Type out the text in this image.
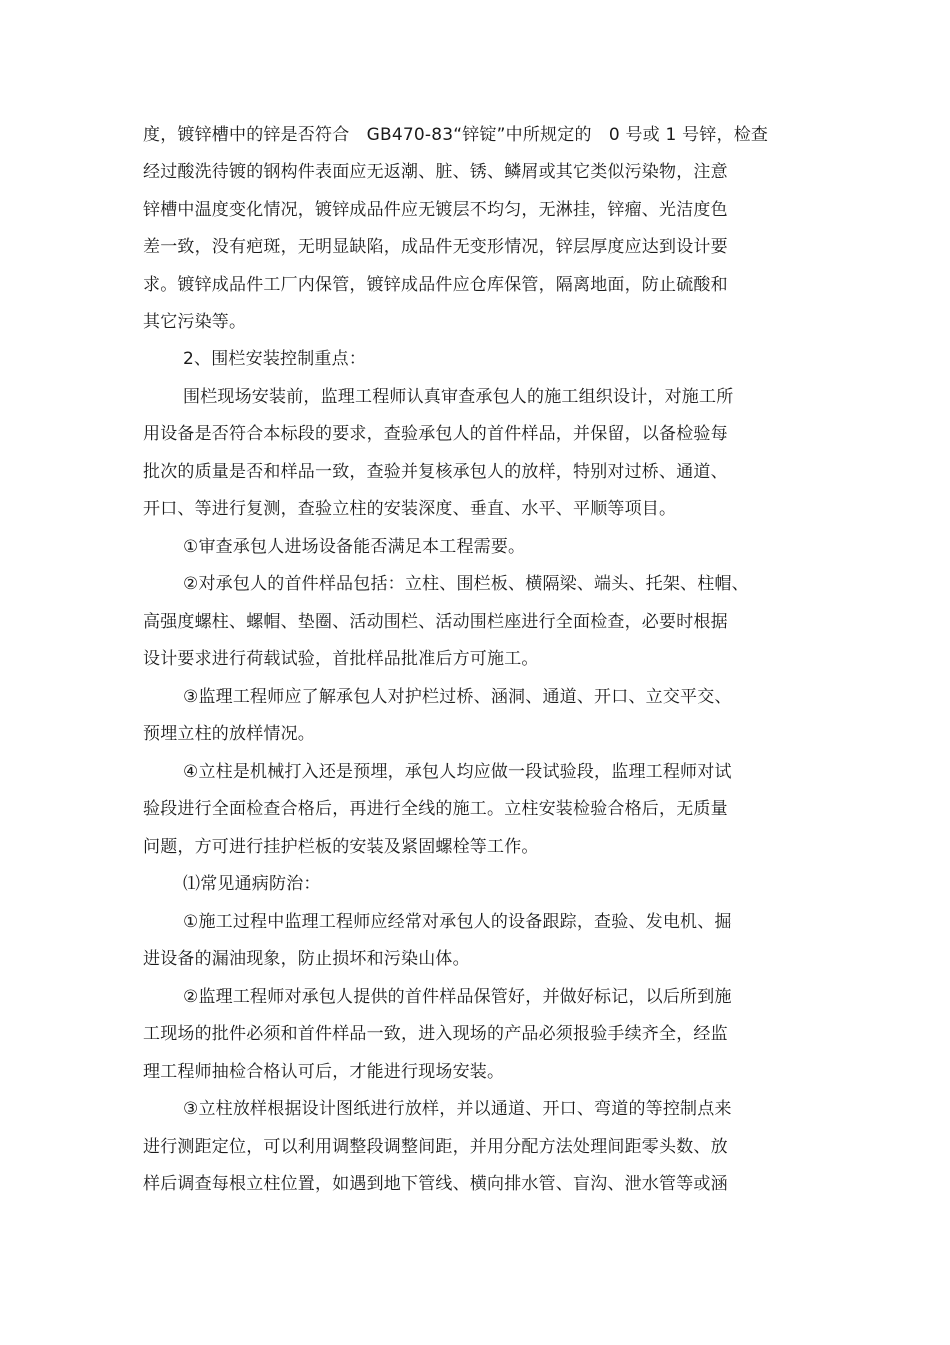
度，镀锌槽中的锌是否符合　GB470-83“锌锭”中所规定的　0 号或 1 号锌，检查
经过酸洗待镀的钢构件表面应无返潮、脏、锈、鳞屑或其它类似污染物，注意
锌槽中温度变化情况，镀锌成品件应无镀层不均匀，无淋挂，锌瘤、光洁度色
差一致，没有疤斑，无明显缺陷，成品件无变形情况，锌层厚度应达到设计要
求。镀锌成品件工厂内保管，镀锌成品件应仓库保管，隔离地面，防止硫酸和
其它污染等。
2、围栏安装控制重点：
围栏现场安装前，监理工程师认真审查承包人的施工组织设计，对施工所
用设备是否符合本标段的要求，查验承包人的首件样品，并保留，以备检验每
批次的质量是否和样品一致，查验并复核承包人的放样，特别对过桥、通道、
开口、等进行复测，查验立柱的安装深度、垂直、水平、平顺等项目。
①审查承包人进场设备能否满足本工程需要。
②对承包人的首件样品包括：立柱、围栏板、横隔梁、端头、托架、柱帽、
高强度螺柱、螺帽、垫圈、活动围栏、活动围栏座进行全面检查，必要时根据
设计要求进行荷载试验，首批样品批准后方可施工。
③监理工程师应了解承包人对护栏过桥、涵洞、通道、开口、立交平交、
预埋立柱的放样情况。
④立柱是机械打入还是预埋，承包人均应做一段试验段，监理工程师对试
验段进行全面检查合格后，再进行全线的施工。立柱安装检验合格后，无质量
问题，方可进行挂护栏板的安装及紧固螺栓等工作。
⑴常见通病防治：
①施工过程中监理工程师应经常对承包人的设备跟踪，查验、发电机、掘
进设备的漏油现象，防止损坏和污染山体。
②监理工程师对承包人提供的首件样品保管好，并做好标记，以后所到施
工现场的批件必须和首件样品一致，进入现场的产品必须报验手续齐全，经监
理工程师抽检合格认可后，才能进行现场安装。
③立柱放样根据设计图纸进行放样，并以通道、开口、弯道的等控制点来
进行测距定位，可以利用调整段调整间距，并用分配方法处理间距零头数、放
样后调查每根立柱位置，如遇到地下管线、横向排水管、盲沟、泄水管等或涵
